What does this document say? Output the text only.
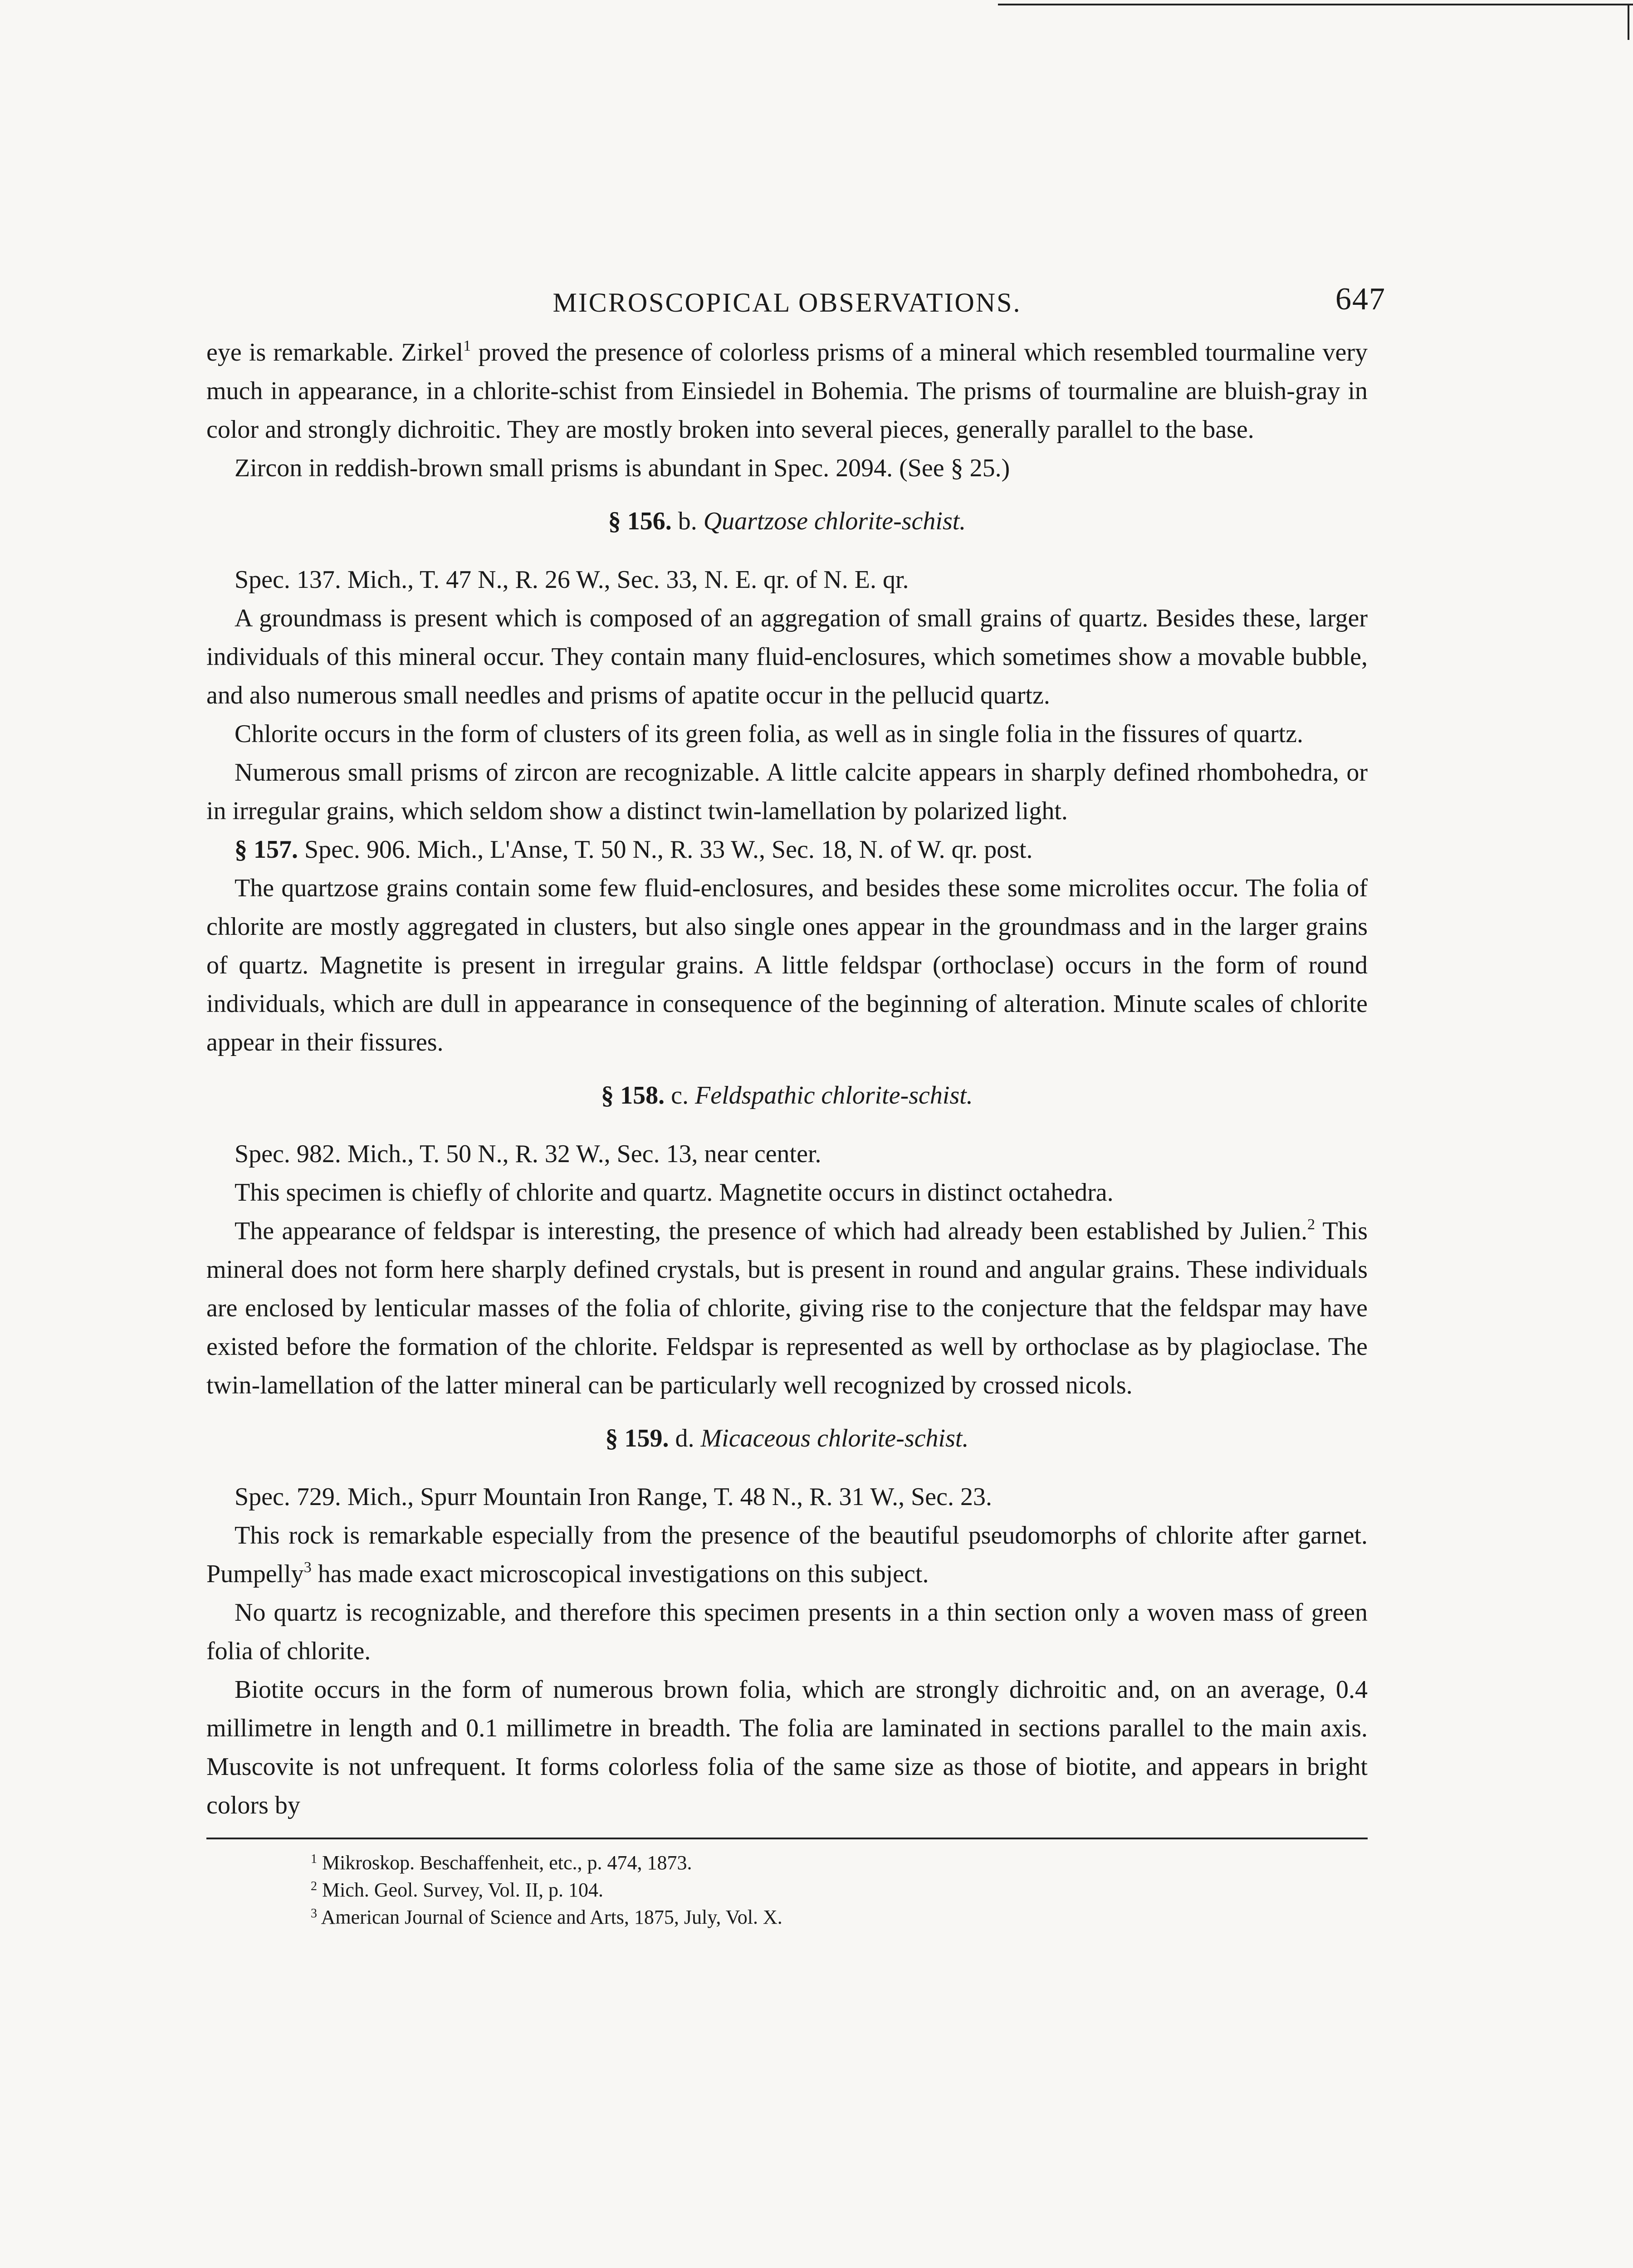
MICROSCOPICAL OBSERVATIONS.	647

eye is remarkable. Zirkel$^1$ proved the presence of colorless prisms of a mineral which resembled tourmaline very much in appearance, in a chlorite-schist from Einsiedel in Bohemia. The prisms of tourmaline are bluish-gray in color and strongly dichroitic. They are mostly broken into several pieces, generally parallel to the base.

Zircon in reddish-brown small prisms is abundant in Spec. 2094. (See § 25.)

§ 156. b. Quartzose chlorite-schist.

Spec. 137. Mich., T. 47 N., R. 26 W., Sec. 33, N. E. qr. of N. E. qr.

A groundmass is present which is composed of an aggregation of small grains of quartz. Besides these, larger individuals of this mineral occur. They contain many fluid-enclosures, which sometimes show a movable bubble, and also numerous small needles and prisms of apatite occur in the pellucid quartz.

Chlorite occurs in the form of clusters of its green folia, as well as in single folia in the fissures of quartz.

Numerous small prisms of zircon are recognizable. A little calcite appears in sharply defined rhombohedra, or in irregular grains, which seldom show a distinct twin-lamellation by polarized light.

§ 157. Spec. 906. Mich., L'Anse, T. 50 N., R. 33 W., Sec. 18, N. of W. qr. post.

The quartzose grains contain some few fluid-enclosures, and besides these some microlites occur. The folia of chlorite are mostly aggregated in clusters, but also single ones appear in the groundmass and in the larger grains of quartz. Magnetite is present in irregular grains. A little feldspar (orthoclase) occurs in the form of round individuals, which are dull in appearance in consequence of the beginning of alteration. Minute scales of chlorite appear in their fissures.

§ 158. c. Feldspathic chlorite-schist.

Spec. 982. Mich., T. 50 N., R. 32 W., Sec. 13, near center.

This specimen is chiefly of chlorite and quartz. Magnetite occurs in distinct octahedra.

The appearance of feldspar is interesting, the presence of which had already been established by Julien.$^2$ This mineral does not form here sharply defined crystals, but is present in round and angular grains. These individuals are enclosed by lenticular masses of the folia of chlorite, giving rise to the conjecture that the feldspar may have existed before the formation of the chlorite. Feldspar is represented as well by orthoclase as by plagioclase. The twin-lamellation of the latter mineral can be particularly well recognized by crossed nicols.

§ 159. d. Micaceous chlorite-schist.

Spec. 729. Mich., Spurr Mountain Iron Range, T. 48 N., R. 31 W., Sec. 23.

This rock is remarkable especially from the presence of the beautiful pseudomorphs of chlorite after garnet. Pumpelly$^3$ has made exact microscopical investigations on this subject.

No quartz is recognizable, and therefore this specimen presents in a thin section only a woven mass of green folia of chlorite.

Biotite occurs in the form of numerous brown folia, which are strongly dichroitic and, on an average, 0.4 millimetre in length and 0.1 millimetre in breadth. The folia are laminated in sections parallel to the main axis. Muscovite is not unfrequent. It forms colorless folia of the same size as those of biotite, and appears in bright colors by

$^1$ Mikroskop. Beschaffenheit, etc., p. 474, 1873.
$^2$ Mich. Geol. Survey, Vol. II, p. 104.
$^3$ American Journal of Science and Arts, 1875, July, Vol. X.
